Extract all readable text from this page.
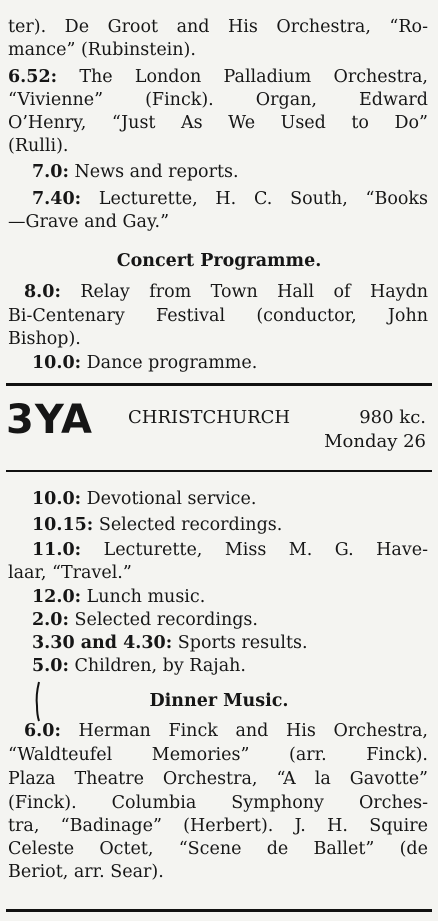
ter). De Groot and His Orchestra, “Ro-
mance” (Rubinstein).
6.52: The London Palladium Orchestra,
“Vivienne” (Finck). Organ, Edward
O’Henry, “Just As We Used to Do”
(Rulli).
7.0: News and reports.
7.40: Lecturette, H. C. South, “Books
—Grave and Gay.”
Concert Programme.
8.0: Relay from Town Hall of Haydn
Bi-Centenary Festival (conductor, John
Bishop).
10.0: Dance programme.
3YA CHRISTCHURCH	980 kc.
Monday 26
10.0: Devotional service.
10.15: Selected recordings.
11.0: Lecturette, Miss M. G. Have-
laar, “Travel.”
12.0: Lunch music.
2.0: Selected recordings.
3.30 and 4.30: Sports results.
5.0: Children, by Rajah.
Dinner Music.
6.0: Herman Finck and His Orchestra,
“Waldteufel Memories” (arr. Finck).
Plaza Theatre Orchestra, “A la Gavotte”
(Finck). Columbia Symphony Orches-
tra, “Badinage” (Herbert). J. H. Squire
Celeste Octet, “Scene de Ballet” (de
Beriot, arr. Sear).
